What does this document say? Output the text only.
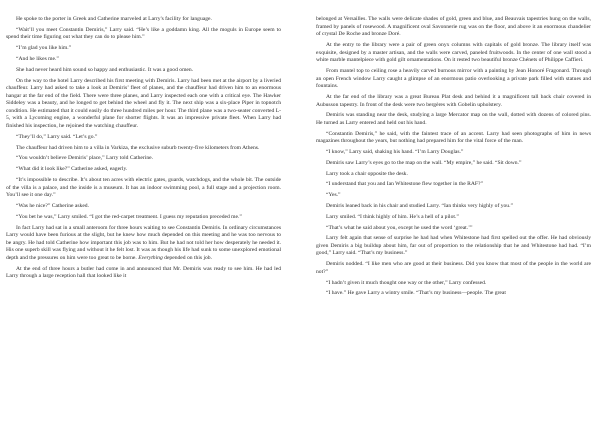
He spoke to the porter in Greek and Catherine marveled at Larry's facility for language.

“Wait’ll you meet Constantin Demiris,” Larry said. “He’s like a goddamn king. All the moguls in Europe seem to spend their time figuring out what they can do to please him.”

“I’m glad you like him.”

“And he likes me.”

She had never heard him sound so happy and enthusiastic. It was a good omen.

On the way to the hotel Larry described his first meeting with Demiris. Larry had been met at the airport by a liveried chauffeur. Larry had asked to take a look at Demiris’ fleet of planes, and the chauffeur had driven him to an enormous hangar at the far end of the field. There were three planes, and Larry inspected each one with a critical eye. The Hawker Siddeley was a beauty, and he longed to get behind the wheel and fly it. The next ship was a six-place Piper in topnotch condition. He estimated that it could easily do three hundred miles per hour. The third plane was a two-seater converted L-5, with a Lycoming engine, a wonderful plane for shorter flights. It was an impressive private fleet. When Larry had finished his inspection, he rejoined the watching chauffeur.

“They’ll do,” Larry said. “Let’s go.”

The chauffeur had driven him to a villa in Varkiza, the exclusive suburb twenty-five kilometers from Athens.

“You wouldn’t believe Demiris’ place,” Larry told Catherine.

“What did it look like?” Catherine asked, eagerly.

“It’s impossible to describe. It’s about ten acres with electric gates, guards, watchdogs, and the whole bit. The outside of the villa is a palace, and the inside is a museum. It has an indoor swimming pool, a full stage and a projection room. You’ll see it one day.”

“Was he nice?” Catherine asked.

“You bet he was,” Larry smiled. “I got the red-carpet treatment. I guess my reputation preceded me.”

In fact Larry had sat in a small anteroom for three hours waiting to see Constantin Demiris. In ordinary circumstances Larry would have been furious at the slight, but he knew how much depended on this meeting and he was too nervous to be angry. He had told Catherine how important this job was to him. But he had not told her how desperately he needed it. His one superb skill was flying and without it he felt lost. It was as though his life had sunk to some unexplored emotional depth and the pressures on him were too great to be borne. Everything depended on this job.

At the end of three hours a butler had come in and announced that Mr. Demiris was ready to see him. He had led Larry through a large reception hall that looked like it

belonged at Versailles. The walls were delicate shades of gold, green and blue, and Beauvais tapestries hung on the walls, framed by panels of rosewood. A magnificent oval Savonnerie rug was on the floor, and above it an enormous chandelier of crystal De Roche and bronze Doré.

At the entry to the library were a pair of green onyx columns with capitals of gold bronze. The library itself was exquisite, designed by a master artisan, and the walls were carved, paneled fruitwoods. In the center of one wall stood a white marble mantelpiece with gold gilt ornamentations. On it rested two beautiful bronze Chénets of Philippe Caffieri.

From mantel top to ceiling rose a heavily carved burnous mirror with a painting by Jean Honoré Fragonard. Through an open French window Larry caught a glimpse of an enormous patio overlooking a private park filled with statues and fountains.

At the far end of the library was a great Bureau Plat desk and behind it a magnificent tall back chair covered in Aubusson tapestry. In front of the desk were two bergères with Gobelin upholstery.

Demiris was standing near the desk, studying a large Mercator map on the wall, dotted with dozens of colored pins. He turned as Larry entered and held out his hand.

“Constantin Demiris,” he said, with the faintest trace of an accent. Larry had seen photographs of him in news magazines throughout the years, but nothing had prepared him for the vital force of the man.

“I know,” Larry said, shaking his hand. “I’m Larry Douglas.”

Demiris saw Larry’s eyes go to the map on the wall. “My empire,” he said. “Sit down.”

Larry took a chair opposite the desk.

“I understand that you and Ian Whitestone flew together in the RAF?”

“Yes.”

Demiris leaned back in his chair and studied Larry. “Ian thinks very highly of you.”

Larry smiled. “I think highly of him. He’s a hell of a pilot.”

“That’s what he said about you, except he used the word ‘great.’”

Larry felt again that sense of surprise he had had when Whitestone had first spelled out the offer. He had obviously given Demiris a big buildup about him, far out of proportion to the relationship that he and Whitestone had had. “I’m good,” Larry said. “That’s my business.”

Demiris nodded. “I like men who are good at their business. Did you know that most of the people in the world are not?”

“I hadn’t given it much thought one way or the other,” Larry confessed.

“I have.” He gave Larry a wintry smile. “That’s my business—people. The great
